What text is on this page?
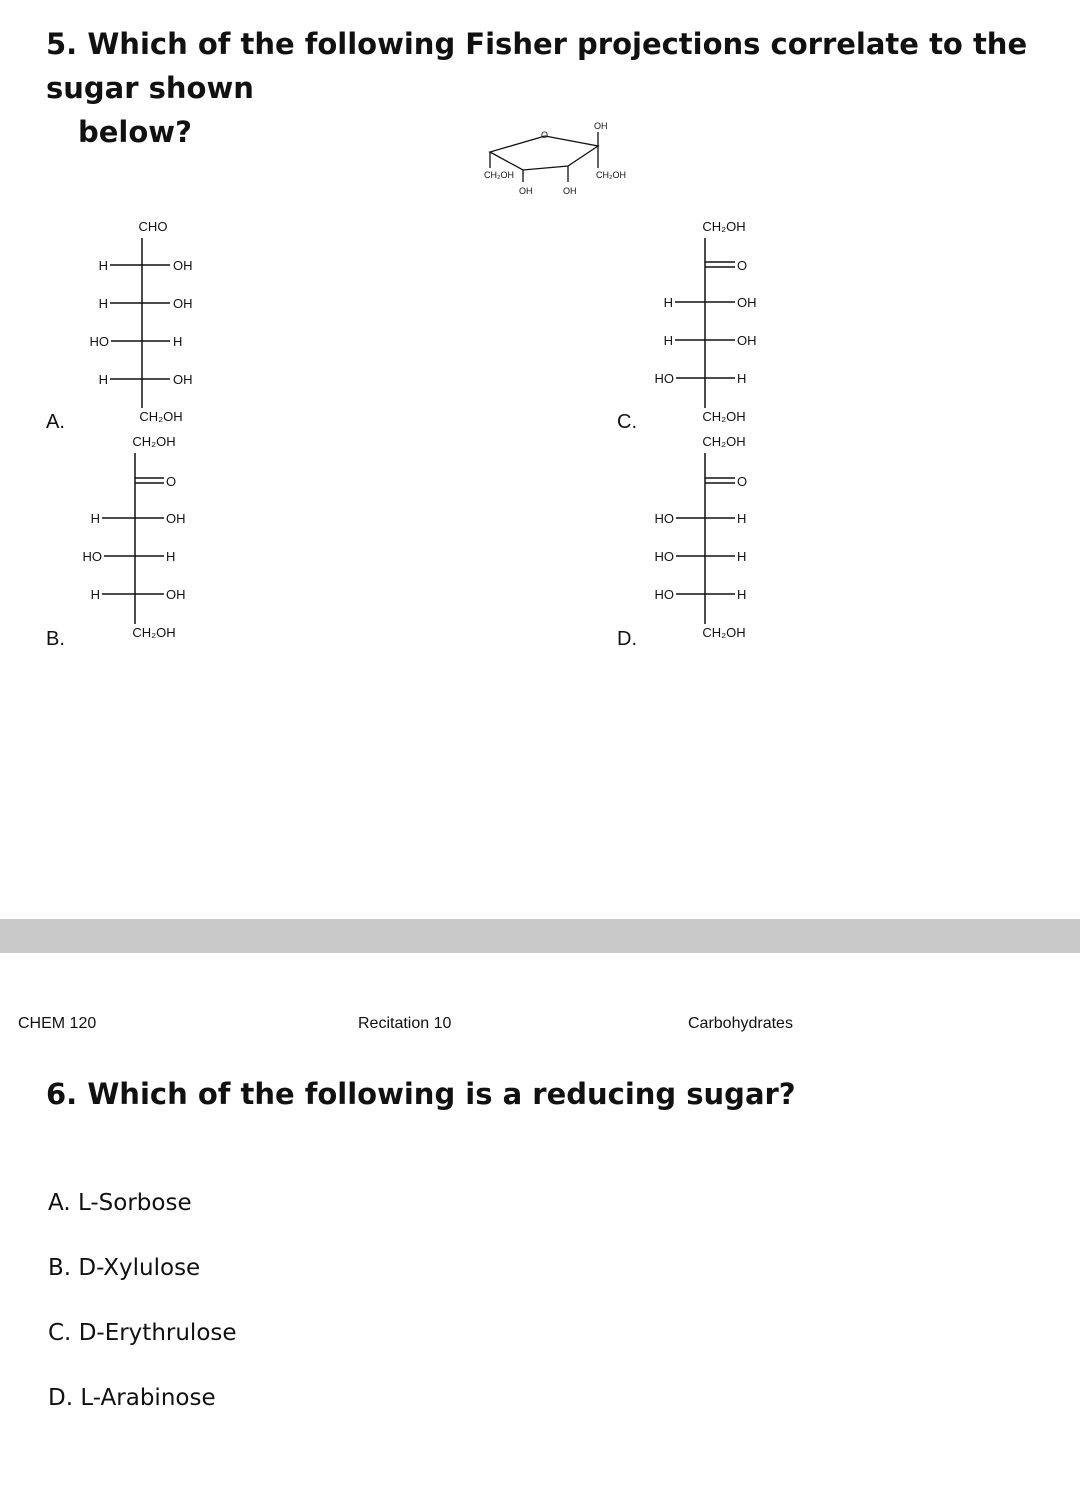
5. Which of the following Fisher projections correlate to the sugar shown
below?	O
OH
CH₂OH	CH₂OH
OH	OH
A.
CHO
H	OH
H	OH
HO	H
H	OH
CH₂OH
B.
CH₂OH
O
H	OH
HO	H
H	OH
CH₂OH
C.
CH₂OH
O
H	OH
H	OH
HO	H
CH₂OH
D.
CH₂OH
O
HO	H
HO	H
HO	H
CH₂OH
CHEM 120	Recitation 10	Carbohydrates
6. Which of the following is a reducing sugar?
A. L-Sorbose
B. D-Xylulose
C. D-Erythrulose
D. L-Arabinose
